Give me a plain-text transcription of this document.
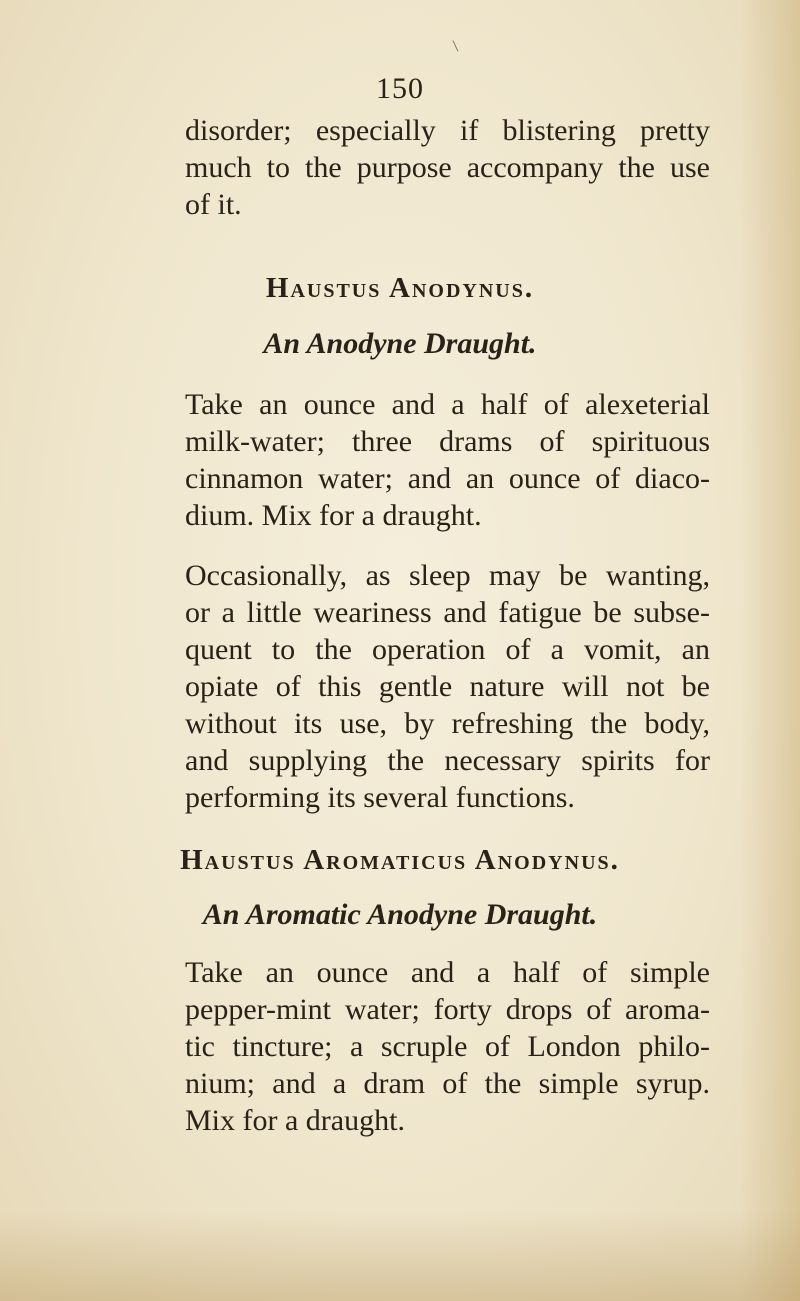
150

disorder; especially if blistering pretty
much to the purpose accompany the use
of it.

Haustus Anodynus.
An Anodyne Draught.

Take an ounce and a half of alexeterial
milk-water; three drams of spirituous
cinnamon water; and an ounce of diaco-
dium. Mix for a draught.

Occasionally, as sleep may be wanting,
or a little weariness and fatigue be subse-
quent to the operation of a vomit, an
opiate of this gentle nature will not be
without its use, by refreshing the body,
and supplying the necessary spirits for
performing its several functions.

Haustus Aromaticus Anodynus.
An Aromatic Anodyne Draught.

Take an ounce and a half of simple
pepper-mint water; forty drops of aroma-
tic tincture; a scruple of London philo-
nium; and a dram of the simple syrup.
Mix for a draught.
